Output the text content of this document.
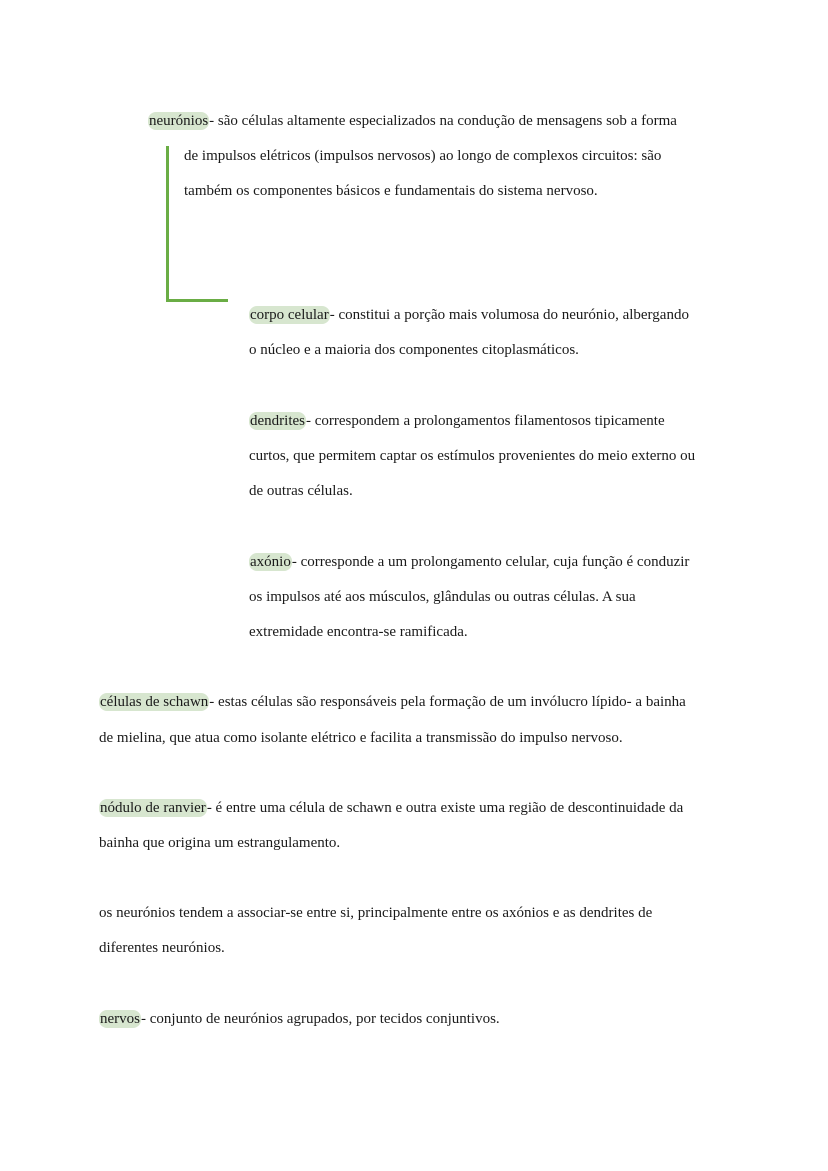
neurónios- são células altamente especializados na condução de mensagens sob a forma
de impulsos elétricos (impulsos nervosos) ao longo de complexos circuitos: são
também os componentes básicos e fundamentais do sistema nervoso.
corpo celular- constitui a porção mais volumosa do neurónio, albergando
o núcleo e a maioria dos componentes citoplasmáticos.
dendrites- correspondem a prolongamentos filamentosos tipicamente
curtos, que permitem captar os estímulos provenientes do meio externo ou
de outras células.
axónio- corresponde a um prolongamento celular, cuja função é conduzir
os impulsos até aos músculos, glândulas ou outras células. A sua
extremidade encontra-se ramificada.
células de schawn- estas células são responsáveis pela formação de um invólucro lípido- a bainha
de mielina, que atua como isolante elétrico e facilita a transmissão do impulso nervoso.
nódulo de ranvier- é entre uma célula de schawn e outra existe uma região de descontinuidade da
bainha que origina um estrangulamento.
os neurónios tendem a associar-se entre si, principalmente entre os axónios e as dendrites de
diferentes neurónios.
nervos- conjunto de neurónios agrupados, por tecidos conjuntivos.
